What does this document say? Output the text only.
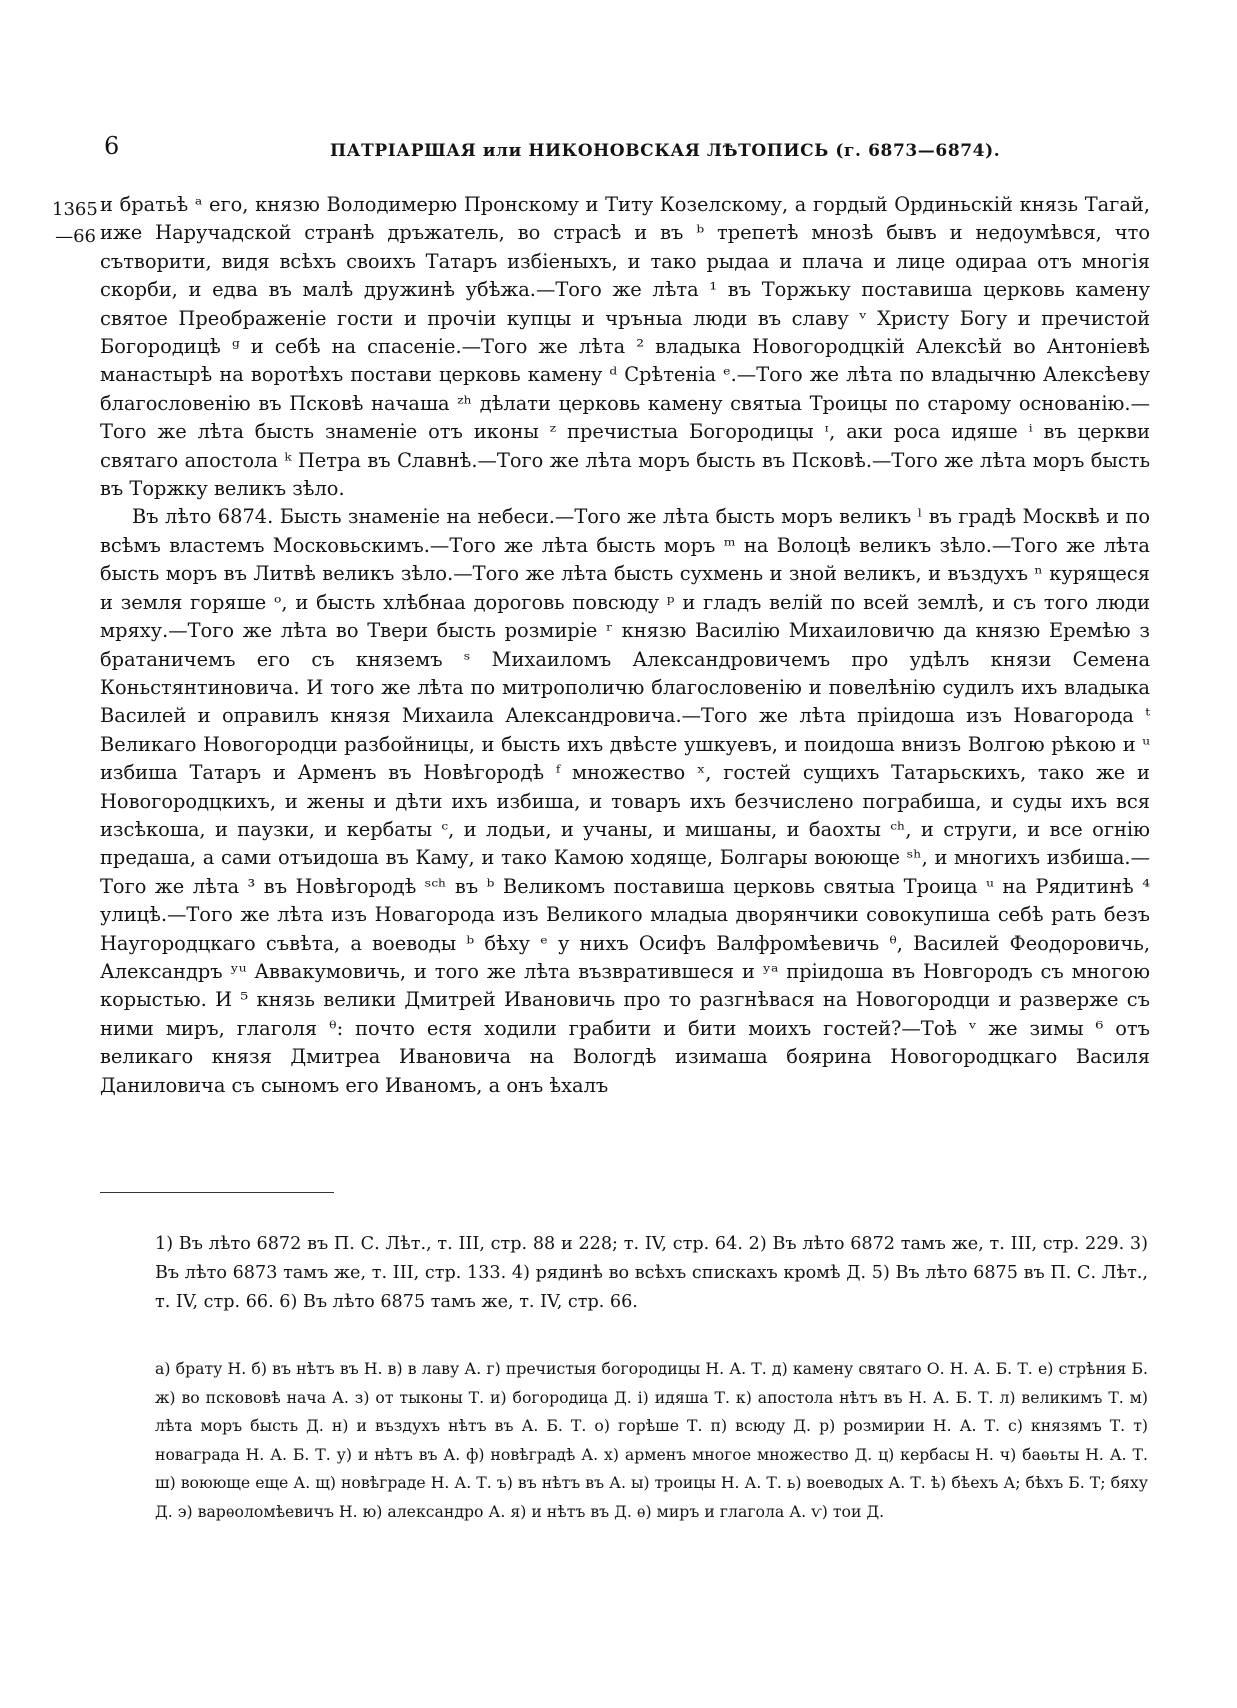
6	ПАТРІАРШАЯ или НИКОНОВСКАЯ ЛѢТОПИСЬ (г. 6873—6874).
1365
—66

и братьѣ ᵃ его, князю Володимерю Пронскому и Титу Козелскому, а гордый Ординьскій князь Тагай, иже Наручадской странѣ дръжатель, во страсѣ и въ ᵇ трепетѣ мнозѣ бывъ и недоумѣвся, что сътворити, видя всѣхъ своихъ Татаръ избіеныхъ, и тако рыдаа и плача и лице одираа отъ многія скорби, и едва въ малѣ дружинѣ убѣжа.—Того же лѣта ¹ въ Торжьку поставиша церковь камену святое Преображеніе гости и прочіи купцы и чръныа люди въ славу ᵛ Христу Богу и пречистой Богородицѣ ᵍ и себѣ на спасеніе.—Того же лѣта ² владыка Новогородцкій Алексѣй во Антоніевѣ манастырѣ на воротѣхъ постави церковь камену ᵈ Срѣтеніа ᵉ.—Того же лѣта по владычню Алексѣеву благословенію въ Псковѣ начаша ᶻʰ дѣлати церковь камену святыа Троицы по старому основанію.—Того же лѣта бысть знаменіе отъ иконы ᶻ пречистыа Богородицы ᶦ, аки роса идяше ⁱ въ церкви святаго апостола ᵏ Петра въ Славнѣ.—Того же лѣта моръ бысть въ Псковѣ.—Того же лѣта моръ бысть въ Торжку великъ зѣло.

Въ лѣто 6874. Бысть знаменіе на небеси.—Того же лѣта бысть моръ великъ ˡ въ градѣ Москвѣ и по всѣмъ властемъ Московьскимъ.—Того же лѣта бысть моръ ᵐ на Волоцѣ великъ зѣло.—Того же лѣта бысть моръ въ Литвѣ великъ зѣло.—Того же лѣта бысть сухмень и зной великъ, и въздухъ ⁿ курящеся и земля горяше ᵒ, и бысть хлѣбнаа дороговь повсюду ᵖ и гладъ велій по всей землѣ, и съ того люди мряху.—Того же лѣта во Твери бысть розмиріе ʳ князю Василію Михаиловичю да князю Еремѣю з братаничемъ его съ княземъ ˢ Михаиломъ Александровичемъ про удѣлъ князи Семена Коньстянтиновича. И того же лѣта по митрополичю благословенію и повелѣнію судилъ ихъ владыка Василей и оправилъ князя Михаила Александровича.—Того же лѣта пріидоша изъ Новагорода ᵗ Великаго Новогородци разбойницы, и бысть ихъ двѣсте ушкуевъ, и поидоша внизъ Волгою рѣкою и ᵘ избиша Татаръ и Арменъ въ Новѣгородѣ ᶠ множество ˣ, гостей сущихъ Татарьскихъ, тако же и Новогородцкихъ, и жены и дѣти ихъ избиша, и товаръ ихъ безчислено пограбиша, и суды ихъ вся изсѣкоша, и паузки, и кербаты ᶜ, и лодьи, и учаны, и мишаны, и баохты ᶜʰ, и струги, и все огнію предаша, а сами отъидоша въ Каму, и тако Камою ходяще, Болгары воююще ˢʰ, и многихъ избиша.—Того же лѣта ³ въ Новѣгородѣ ˢᶜʰ въ ᵇ Великомъ поставиша церковь святыа Троица ᵘ на Рядитинѣ ⁴ улицѣ.—Того же лѣта изъ Новагорода изъ Великого младыа дворянчики совокупиша себѣ рать безъ Наугородцкаго съвѣта, а воеводы ᵇ бѣху ᵉ у нихъ Осифъ Валфромѣевичь ᶿ, Василей Феодоровичь, Александръ ʸᵘ Аввакумовичь, и того же лѣта възвратившеся и ʸᵃ пріидоша въ Новгородъ съ многою корыстью. И ⁵ князь велики Дмитрей Ивановичь про то разгнѣвася на Новогородци и разверже съ ними миръ, глаголя ᶿ: почто естя ходили грабити и бити моихъ гостей?—Тоѣ ᵛ же зимы ⁶ отъ великаго князя Дмитреа Ивановича на Вологдѣ изимаша боярина Новогородцкаго Василя Даниловича съ сыномъ его Иваномъ, а онъ ѣхалъ

1) Въ лѣто 6872 въ П. С. Лѣт., т. III, стр. 88 и 228; т. IV, стр. 64. 2) Въ лѣто 6872 тамъ же, т. III, стр. 229. 3) Въ лѣто 6873 тамъ же, т. III, стр. 133. 4) рядинѣ во всѣхъ спискахъ кромѣ Д. 5) Въ лѣто 6875 въ П. С. Лѣт., т. IV, стр. 66. 6) Въ лѣто 6875 тамъ же, т. IV, стр. 66.

а) брату Н. б) въ нѣтъ въ Н. в) в лаву А. г) пречистыя богородицы Н. А. Т. д) камену святаго О. Н. А. Б. Т. е) стрѣния Б. ж) во пскововѣ нача А. з) от тыконы Т. и) богородица Д. і) идяша Т. к) апостола нѣтъ въ Н. А. Б. Т. л) великимъ Т. м) лѣта моръ бысть Д. н) и въздухъ нѣтъ въ А. Б. Т. о) горѣше Т. п) всюду Д. р) розмирии Н. А. Т. с) князямъ Т. т) новаграда Н. А. Б. Т. у) и нѣтъ въ А. ф) новѣградѣ А. х) арменъ многое множество Д. ц) кербасы Н. ч) баѳьты Н. А. Т. ш) воююще еще А. щ) новѣграде Н. А. Т. ъ) въ нѣтъ въ А. ы) троицы Н. А. Т. ь) воеводых А. Т. ѣ) бѣехъ А; бѣхъ Б. Т; бяху Д. э) варѳоломѣевичъ Н. ю) александро А. я) и нѣтъ въ Д. ѳ) миръ и глагола А. ѵ) тои Д.
